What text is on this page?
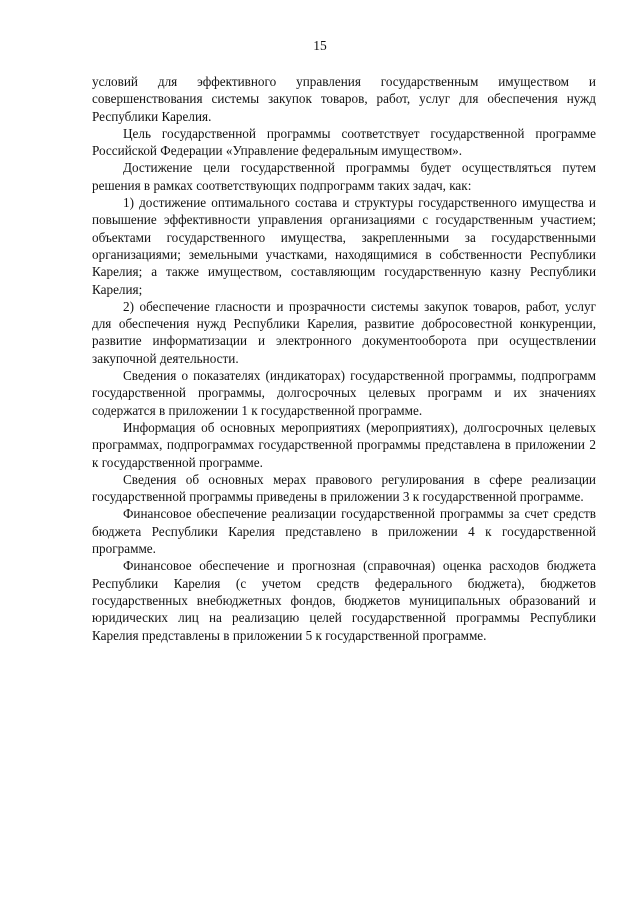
15

условий для эффективного управления государственным имуществом и совершенствования системы закупок товаров, работ, услуг для обеспечения нужд Республики Карелия.

Цель государственной программы соответствует государственной программе Российской Федерации «Управление федеральным имуществом».

Достижение цели государственной программы будет осуществляться путем решения в рамках соответствующих подпрограмм таких задач, как:

1) достижение оптимального состава и структуры государственного имущества и повышение эффективности управления организациями с государственным участием; объектами государственного имущества, закрепленными за государственными организациями; земельными участками, находящимися в собственности Республики Карелия; а также имуществом, составляющим государственную казну Республики Карелия;

2) обеспечение гласности и прозрачности системы закупок товаров, работ, услуг для обеспечения нужд Республики Карелия, развитие добросовестной конкуренции, развитие информатизации и электронного документооборота при осуществлении закупочной деятельности.

Сведения о показателях (индикаторах) государственной программы, подпрограмм государственной программы, долгосрочных целевых программ и их значениях содержатся в приложении 1 к государственной программе.

Информация об основных мероприятиях (мероприятиях), долгосрочных целевых программах, подпрограммах государственной программы представлена в приложении 2 к государственной программе.

Сведения об основных мерах правового регулирования в сфере реализации государственной программы приведены в приложении 3 к государственной программе.

Финансовое обеспечение реализации государственной программы за счет средств бюджета Республики Карелия представлено в приложении 4 к государственной программе.

Финансовое обеспечение и прогнозная (справочная) оценка расходов бюджета Республики Карелия (с учетом средств федерального бюджета), бюджетов государственных внебюджетных фондов, бюджетов муниципальных образований и юридических лиц на реализацию целей государственной программы Республики Карелия представлены в приложении 5 к государственной программе.
